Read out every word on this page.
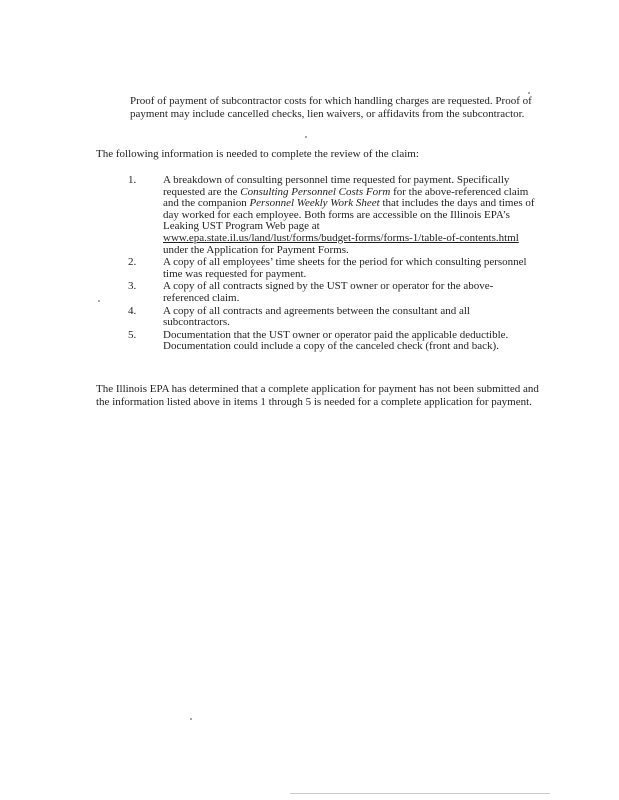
Proof of payment of subcontractor costs for which handling charges are requested. Proof of payment may include cancelled checks, lien waivers, or affidavits from the subcontractor.

The following information is needed to complete the review of the claim:

1. A breakdown of consulting personnel time requested for payment. Specifically requested are the Consulting Personnel Costs Form for the above-referenced claim and the companion Personnel Weekly Work Sheet that includes the days and times of day worked for each employee. Both forms are accessible on the Illinois EPA’s Leaking UST Program Web page at
www.epa.state.il.us/land/lust/forms/budget-forms/forms-1/table-of-contents.html
under the Application for Payment Forms.
2. A copy of all employees’ time sheets for the period for which consulting personnel time was requested for payment.
3. A copy of all contracts signed by the UST owner or operator for the above-referenced claim.
4. A copy of all contracts and agreements between the consultant and all subcontractors.
5. Documentation that the UST owner or operator paid the applicable deductible. Documentation could include a copy of the canceled check (front and back).

The Illinois EPA has determined that a complete application for payment has not been submitted and the information listed above in items 1 through 5 is needed for a complete application for payment.
